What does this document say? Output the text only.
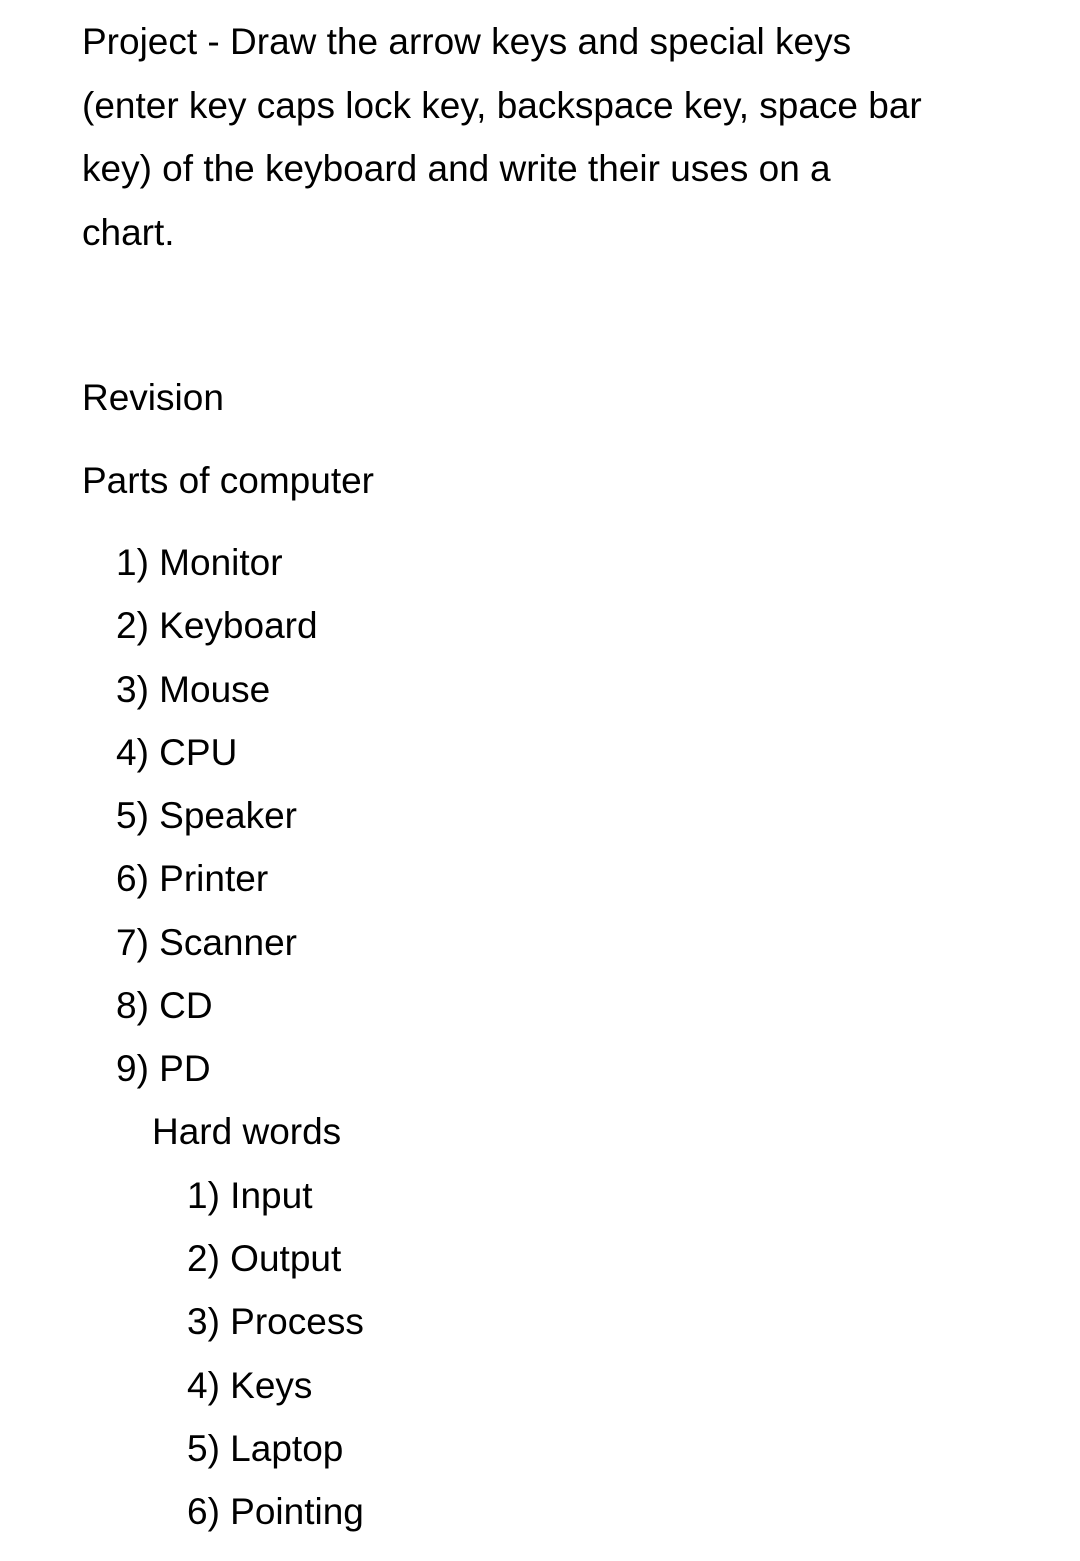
Project - Draw the arrow keys and special keys
(enter key caps lock key, backspace key, space bar
key) of the keyboard and write their uses on a
chart.
Revision
Parts of computer
1) Monitor
2) Keyboard
3) Mouse
4) CPU
5) Speaker
6) Printer
7) Scanner
8) CD
9) PD
Hard words
1) Input
2) Output
3) Process
4) Keys
5) Laptop
6) Pointing
